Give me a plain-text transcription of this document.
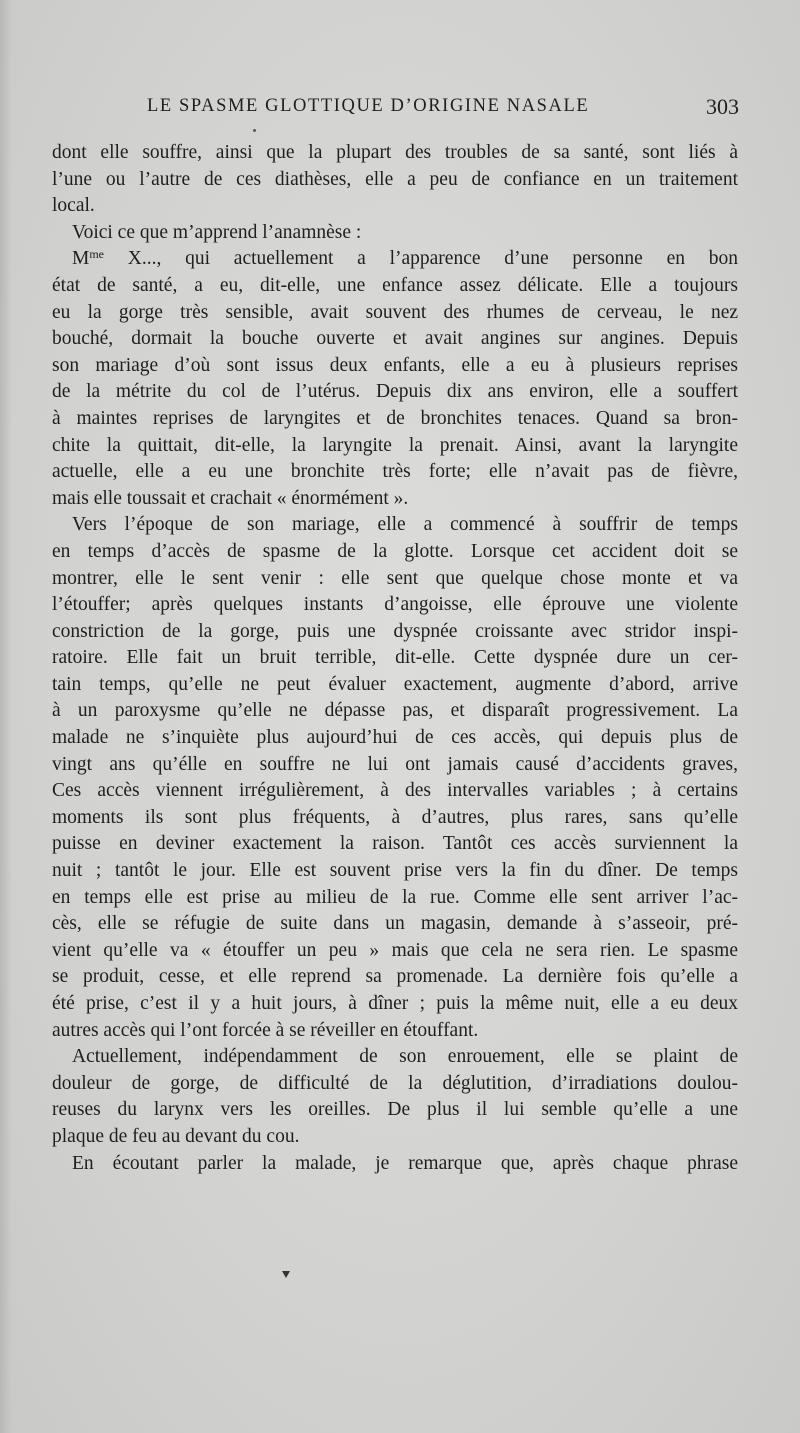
LE SPASME GLOTTIQUE D’ORIGINE NASALE	303
dont elle souffre, ainsi que la plupart des troubles de sa santé, sont liés à
l’une ou l’autre de ces diathèses, elle a peu de confiance en un traitement
local.
Voici ce que m’apprend l’anamnèse :
$M^{me}$ X..., qui actuellement a l’apparence d’une personne en bon
état de santé, a eu, dit-elle, une enfance assez délicate. Elle a toujours
eu la gorge très sensible, avait souvent des rhumes de cerveau, le nez
bouché, dormait la bouche ouverte et avait angines sur angines. Depuis
son mariage d’où sont issus deux enfants, elle a eu à plusieurs reprises
de la métrite du col de l’utérus. Depuis dix ans environ, elle a souffert
à maintes reprises de laryngites et de bronchites tenaces. Quand sa bron-
chite la quittait, dit-elle, la laryngite la prenait. Ainsi, avant la laryngite
actuelle, elle a eu une bronchite très forte; elle n’avait pas de fièvre,
mais elle toussait et crachait « énormément ».
Vers l’époque de son mariage, elle a commencé à souffrir de temps
en temps d’accès de spasme de la glotte. Lorsque cet accident doit se
montrer, elle le sent venir : elle sent que quelque chose monte et va
l’étouffer; après quelques instants d’angoisse, elle éprouve une violente
constriction de la gorge, puis une dyspnée croissante avec stridor inspi-
ratoire. Elle fait un bruit terrible, dit-elle. Cette dyspnée dure un cer-
tain temps, qu’elle ne peut évaluer exactement, augmente d’abord, arrive
à un paroxysme qu’elle ne dépasse pas, et disparaît progressivement. La
malade ne s’inquiète plus aujourd’hui de ces accès, qui depuis plus de
vingt ans qu’élle en souffre ne lui ont jamais causé d’accidents graves,
Ces accès viennent irrégulièrement, à des intervalles variables ; à certains
moments ils sont plus fréquents, à d’autres, plus rares, sans qu’elle
puisse en deviner exactement la raison. Tantôt ces accès surviennent la
nuit ; tantôt le jour. Elle est souvent prise vers la fin du dîner. De temps
en temps elle est prise au milieu de la rue. Comme elle sent arriver l’ac-
cès, elle se réfugie de suite dans un magasin, demande à s’asseoir, pré-
vient qu’elle va « étouffer un peu » mais que cela ne sera rien. Le spasme
se produit, cesse, et elle reprend sa promenade. La dernière fois qu’elle a
été prise, c’est il y a huit jours, à dîner ; puis la même nuit, elle a eu deux
autres accès qui l’ont forcée à se réveiller en étouffant.
Actuellement, indépendamment de son enrouement, elle se plaint de
douleur de gorge, de difficulté de la déglutition, d’irradiations doulou-
reuses du larynx vers les oreilles. De plus il lui semble qu’elle a une
plaque de feu au devant du cou.
En écoutant parler la malade, je remarque que, après chaque phrase
